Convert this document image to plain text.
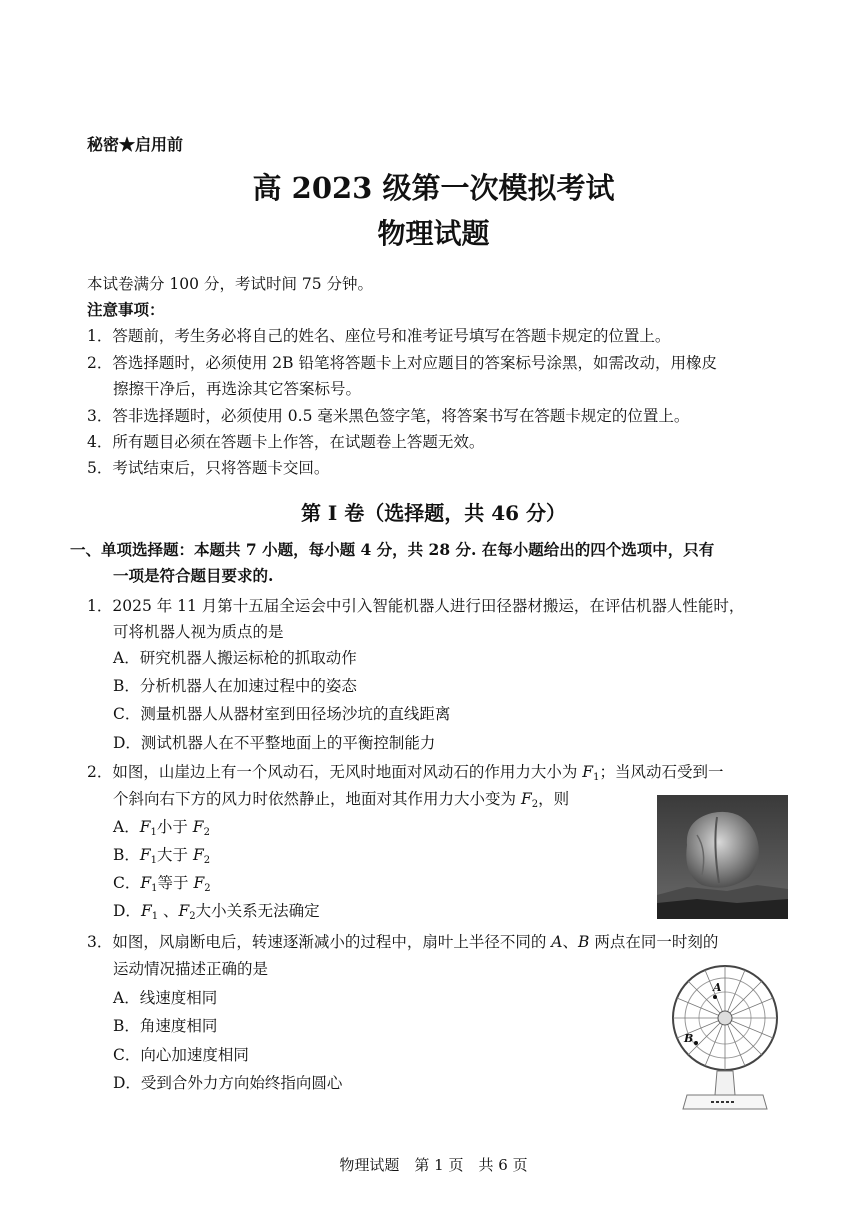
秘密★启用前
高 2023 级第一次模拟考试
物理试题
本试卷满分 100 分，考试时间 75 分钟。
注意事项：
1．答题前，考生务必将自己的姓名、座位号和准考证号填写在答题卡规定的位置上。
2．答选择题时，必须使用 2B 铅笔将答题卡上对应题目的答案标号涂黑，如需改动，用橡皮
擦擦干净后，再选涂其它答案标号。
3．答非选择题时，必须使用 0.5 毫米黑色签字笔，将答案书写在答题卡规定的位置上。
4．所有题目必须在答题卡上作答，在试题卷上答题无效。
5．考试结束后，只将答题卡交回。
第 I 卷（选择题，共 46 分）
一、单项选择题：本题共 7 小题，每小题 4 分，共 28 分. 在每小题给出的四个选项中，只有
一项是符合题目要求的.
1．2025 年 11 月第十五届全运会中引入智能机器人进行田径器材搬运，在评估机器人性能时，
可将机器人视为质点的是
A．研究机器人搬运标枪的抓取动作
B．分析机器人在加速过程中的姿态
C．测量机器人从器材室到田径场沙坑的直线距离
D．测试机器人在不平整地面上的平衡控制能力
2．如图，山崖边上有一个风动石，无风时地面对风动石的作用力大小为 $F_1$；当风动石受到一
个斜向右下方的风力时依然静止，地面对其作用力大小变为 $F_2$，则
A．$F_1$小于 $F_2$
B．$F_1$大于 $F_2$
C．$F_1$等于 $F_2$
D．$F_1$ 、$F_2$大小关系无法确定
3．如图，风扇断电后，转速逐渐减小的过程中，扇叶上半径不同的 A、B 两点在同一时刻的
运动情况描述正确的是
A．线速度相同
B．角速度相同
C．向心加速度相同
D．受到合外力方向始终指向圆心
A
B
物理试题　第 1 页　共 6 页
